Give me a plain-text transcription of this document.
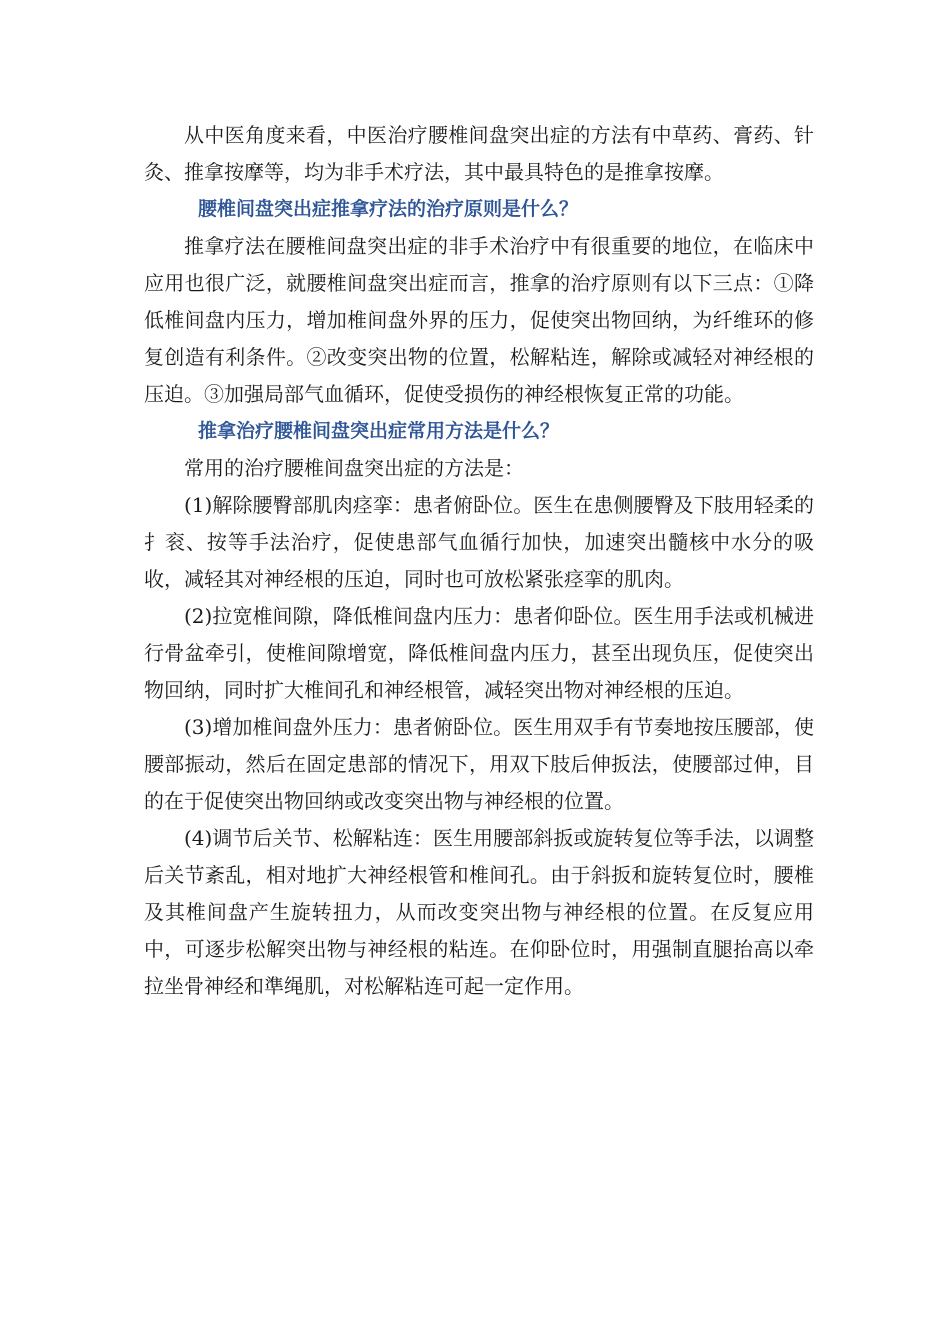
从中医角度来看，中医治疗腰椎间盘突出症的方法有中草药、膏药、针灸、推拿按摩等，均为非手术疗法，其中最具特色的是推拿按摩。

腰椎间盘突出症推拿疗法的治疗原则是什么？

推拿疗法在腰椎间盘突出症的非手术治疗中有很重要的地位，在临床中应用也很广泛，就腰椎间盘突出症而言，推拿的治疗原则有以下三点：①降低椎间盘内压力，增加椎间盘外界的压力，促使突出物回纳，为纤维环的修复创造有利条件。②改变突出物的位置，松解粘连，解除或减轻对神经根的压迫。③加强局部气血循环，促使受损伤的神经根恢复正常的功能。

推拿治疗腰椎间盘突出症常用方法是什么？

常用的治疗腰椎间盘突出症的方法是：

(1)解除腰臀部肌肉痉挛：患者俯卧位。医生在患侧腰臀及下肢用轻柔的扌衮、按等手法治疗，促使患部气血循行加快，加速突出髓核中水分的吸收，减轻其对神经根的压迫，同时也可放松紧张痉挛的肌肉。

(2)拉宽椎间隙，降低椎间盘内压力：患者仰卧位。医生用手法或机械进行骨盆牵引，使椎间隙增宽，降低椎间盘内压力，甚至出现负压，促使突出物回纳，同时扩大椎间孔和神经根管，减轻突出物对神经根的压迫。

(3)增加椎间盘外压力：患者俯卧位。医生用双手有节奏地按压腰部，使腰部振动，然后在固定患部的情况下，用双下肢后伸扳法，使腰部过伸，目的在于促使突出物回纳或改变突出物与神经根的位置。

(4)调节后关节、松解粘连：医生用腰部斜扳或旋转复位等手法，以调整后关节紊乱，相对地扩大神经根管和椎间孔。由于斜扳和旋转复位时，腰椎及其椎间盘产生旋转扭力，从而改变突出物与神经根的位置。在反复应用中，可逐步松解突出物与神经根的粘连。在仰卧位时，用强制直腿抬高以牵拉坐骨神经和準绳肌，对松解粘连可起一定作用。
